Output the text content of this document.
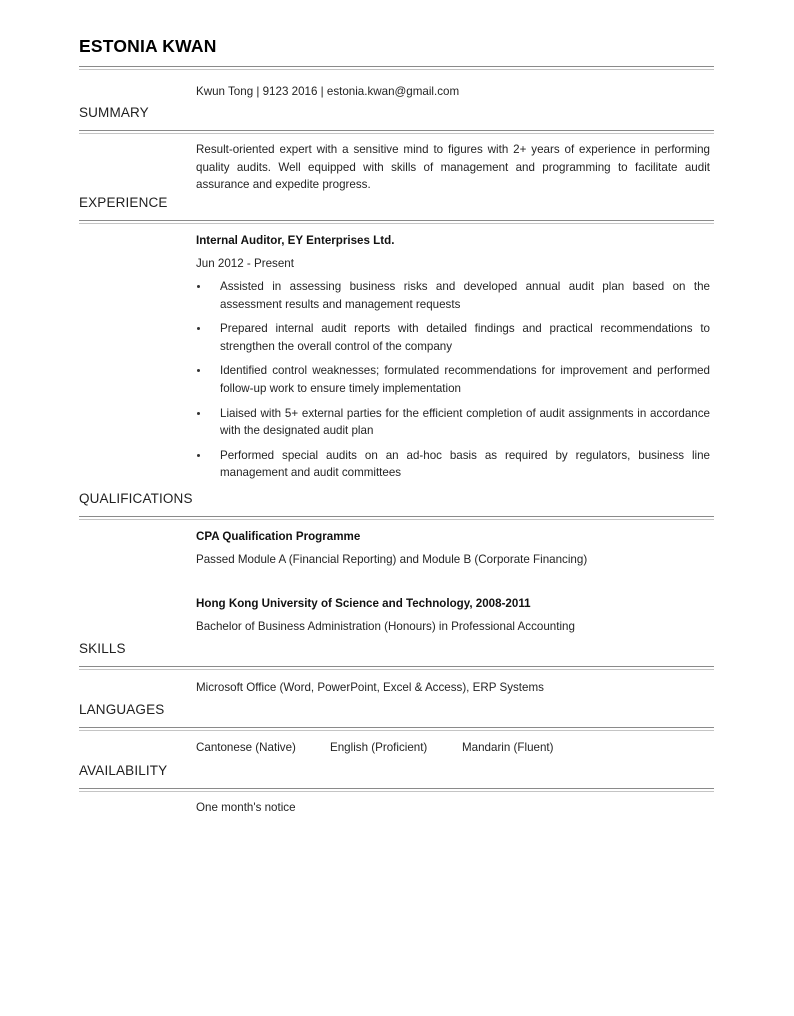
ESTONIA KWAN
Kwun Tong | 9123 2016 | estonia.kwan@gmail.com
SUMMARY
Result-oriented expert with a sensitive mind to figures with 2+ years of experience in performing quality audits. Well equipped with skills of management and programming to facilitate audit assurance and expedite progress.
EXPERIENCE
Internal Auditor, EY Enterprises Ltd.
Jun 2012 - Present
Assisted in assessing business risks and developed annual audit plan based on the assessment results and management requests
Prepared internal audit reports with detailed findings and practical recommendations to strengthen the overall control of the company
Identified control weaknesses; formulated recommendations for improvement and performed follow-up work to ensure timely implementation
Liaised with 5+ external parties for the efficient completion of audit assignments in accordance with the designated audit plan
Performed special audits on an ad-hoc basis as required by regulators, business line management and audit committees
QUALIFICATIONS
CPA Qualification Programme
Passed Module A (Financial Reporting) and Module B (Corporate Financing)
Hong Kong University of Science and Technology, 2008-2011
Bachelor of Business Administration (Honours) in Professional Accounting
SKILLS
Microsoft Office (Word, PowerPoint, Excel & Access), ERP Systems
LANGUAGES
Cantonese (Native)	English (Proficient)	Mandarin (Fluent)
AVAILABILITY
One month's notice
